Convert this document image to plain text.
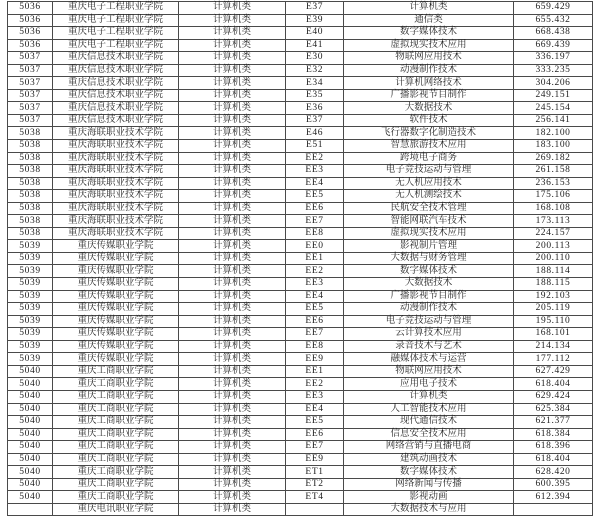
5036	重庆电子工程职业学院	计算机类	E37	计算机类	659.429
5036	重庆电子工程职业学院	计算机类	E39	通信类	655.432
5036	重庆电子工程职业学院	计算机类	E40	数字媒体技术	668.438
5036	重庆电子工程职业学院	计算机类	E41	虚拟现实技术应用	669.439
5037	重庆信息技术职业学院	计算机类	E30	物联网应用技术	336.197
5037	重庆信息技术职业学院	计算机类	E32	动漫制作技术	333.235
5037	重庆信息技术职业学院	计算机类	E34	计算机网络技术	304.206
5037	重庆信息技术职业学院	计算机类	E35	广播影视节目制作	249.151
5037	重庆信息技术职业学院	计算机类	E36	大数据技术	245.154
5037	重庆信息技术职业学院	计算机类	E37	软件技术	256.141
5038	重庆海联职业技术学院	计算机类	E46	飞行器数字化制造技术	182.100
5038	重庆海联职业技术学院	计算机类	E51	智慧旅游技术应用	183.100
5038	重庆海联职业技术学院	计算机类	EE2	跨境电子商务	269.182
5038	重庆海联职业技术学院	计算机类	EE3	电子竞技运动与管理	261.158
5038	重庆海联职业技术学院	计算机类	EE4	无人机应用技术	236.153
5038	重庆海联职业技术学院	计算机类	EE5	无人机测绘技术	175.106
5038	重庆海联职业技术学院	计算机类	EE6	民航安全技术管理	168.108
5038	重庆海联职业技术学院	计算机类	EE7	智能网联汽车技术	173.113
5038	重庆海联职业技术学院	计算机类	EE8	虚拟现实技术应用	224.157
5039	重庆传媒职业学院	计算机类	EE0	影视制片管理	200.113
5039	重庆传媒职业学院	计算机类	EE1	大数据与财务管理	200.110
5039	重庆传媒职业学院	计算机类	EE2	数字媒体技术	188.114
5039	重庆传媒职业学院	计算机类	EE3	大数据技术	188.115
5039	重庆传媒职业学院	计算机类	EE4	广播影视节目制作	192.103
5039	重庆传媒职业学院	计算机类	EE5	动漫制作技术	205.119
5039	重庆传媒职业学院	计算机类	EE6	电子竞技运动与管理	195.110
5039	重庆传媒职业学院	计算机类	EE7	云计算技术应用	168.101
5039	重庆传媒职业学院	计算机类	EE8	录音技术与艺术	214.134
5039	重庆传媒职业学院	计算机类	EE9	融媒体技术与运营	177.112
5040	重庆工商职业学院	计算机类	EE1	物联网应用技术	627.429
5040	重庆工商职业学院	计算机类	EE2	应用电子技术	618.404
5040	重庆工商职业学院	计算机类	EE3	计算机类	629.424
5040	重庆工商职业学院	计算机类	EE4	人工智能技术应用	625.384
5040	重庆工商职业学院	计算机类	EE5	现代通信技术	621.377
5040	重庆工商职业学院	计算机类	EE6	信息安全技术应用	618.384
5040	重庆工商职业学院	计算机类	EE7	网络营销与直播电商	618.396
5040	重庆工商职业学院	计算机类	EE9	建筑动画技术	618.404
5040	重庆工商职业学院	计算机类	ET1	数字媒体技术	628.420
5040	重庆工商职业学院	计算机类	ET2	网络新闻与传播	600.395
5040	重庆工商职业学院	计算机类	ET4	影视动画	612.394
	重庆电讯职业学院	计算机类		大数据技术与应用	
